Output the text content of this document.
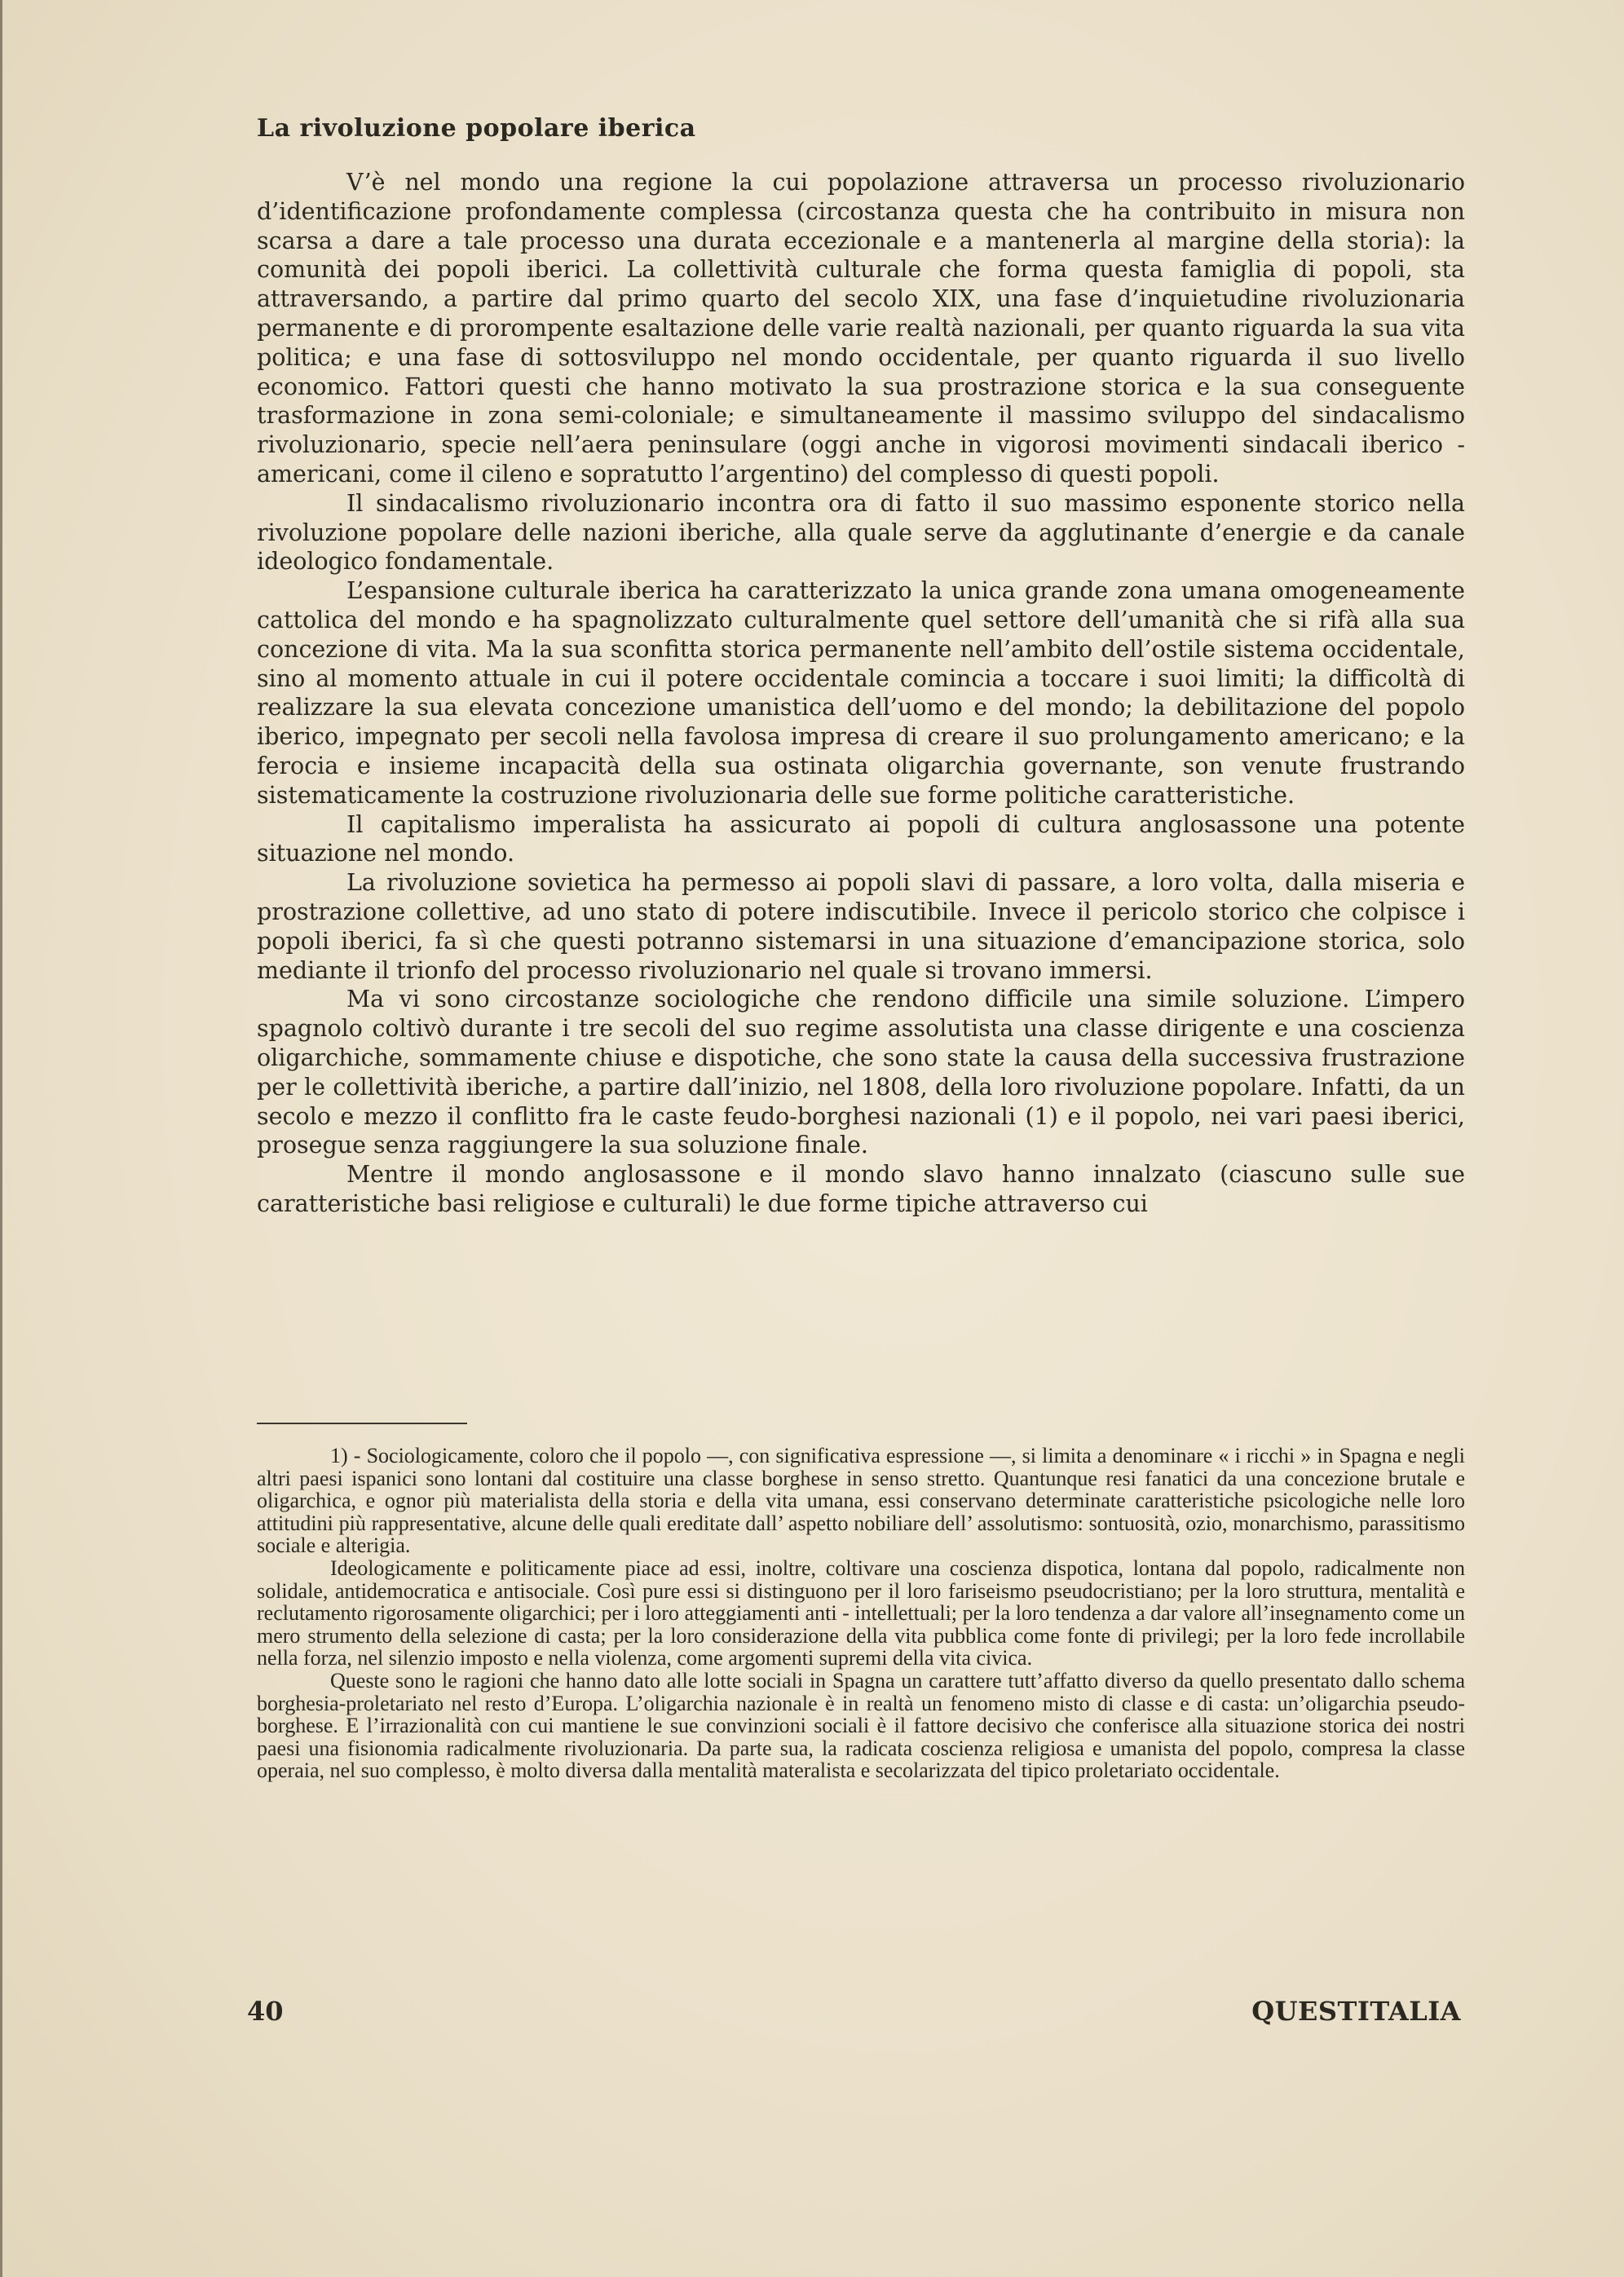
La rivoluzione popolare iberica

V’è nel mondo una regione la cui popolazione attraversa un processo rivoluzionario d’identificazione profondamente complessa (circostanza questa che ha contribuito in misura non scarsa a dare a tale processo una durata eccezionale e a mantenerla al margine della storia): la comunità dei popoli iberici. La collettività culturale che forma questa famiglia di popoli, sta attraversando, a partire dal primo quarto del secolo XIX, una fase d’inquietudine rivoluzionaria permanente e di prorompente esaltazione delle varie realtà nazionali, per quanto riguarda la sua vita politica; e una fase di sottosviluppo nel mondo occidentale, per quanto riguarda il suo livello economico. Fattori questi che hanno motivato la sua prostrazione storica e la sua conseguente trasformazione in zona semi-coloniale; e simultaneamente il massimo sviluppo del sindacalismo rivoluzionario, specie nell’aera peninsulare (oggi anche in vigorosi movimenti sindacali iberico - americani, come il cileno e sopratutto l’argentino) del complesso di questi popoli.

Il sindacalismo rivoluzionario incontra ora di fatto il suo massimo esponente storico nella rivoluzione popolare delle nazioni iberiche, alla quale serve da agglutinante d’energie e da canale ideologico fondamentale.

L’espansione culturale iberica ha caratterizzato la unica grande zona umana omogeneamente cattolica del mondo e ha spagnolizzato culturalmente quel settore dell’umanità che si rifà alla sua concezione di vita. Ma la sua sconfitta storica permanente nell’ambito dell’ostile sistema occidentale, sino al momento attuale in cui il potere occidentale comincia a toccare i suoi limiti; la difficoltà di realizzare la sua elevata concezione umanistica dell’uomo e del mondo; la debilitazione del popolo iberico, impegnato per secoli nella favolosa impresa di creare il suo prolungamento americano; e la ferocia e insieme incapacità della sua ostinata oligarchia governante, son venute frustrando sistematicamente la costruzione rivoluzionaria delle sue forme politiche caratteristiche.

Il capitalismo imperalista ha assicurato ai popoli di cultura anglosassone una potente situazione nel mondo.

La rivoluzione sovietica ha permesso ai popoli slavi di passare, a loro volta, dalla miseria e prostrazione collettive, ad uno stato di potere indiscutibile. Invece il pericolo storico che colpisce i popoli iberici, fa sì che questi potranno sistemarsi in una situazione d’emancipazione storica, solo mediante il trionfo del processo rivoluzionario nel quale si trovano immersi.

Ma vi sono circostanze sociologiche che rendono difficile una simile soluzione. L’impero spagnolo coltivò durante i tre secoli del suo regime assolutista una classe dirigente e una coscienza oligarchiche, sommamente chiuse e dispotiche, che sono state la causa della successiva frustrazione per le collettività iberiche, a partire dall’inizio, nel 1808, della loro rivoluzione popolare. Infatti, da un secolo e mezzo il conflitto fra le caste feudo-borghesi nazionali (1) e il popolo, nei vari paesi iberici, prosegue senza raggiungere la sua soluzione finale.

Mentre il mondo anglosassone e il mondo slavo hanno innalzato (ciascuno sulle sue caratteristiche basi religiose e culturali) le due forme tipiche attraverso cui

1) - Sociologicamente, coloro che il popolo —, con significativa espressione —, si limita a denominare « i ricchi » in Spagna e negli altri paesi ispanici sono lontani dal costituire una classe borghese in senso stretto. Quantunque resi fanatici da una concezione brutale e oligarchica, e ognor più materialista della storia e della vita umana, essi conservano determinate caratteristiche psicologiche nelle loro attitudini più rappresentative, alcune delle quali ereditate dall’ aspetto nobiliare dell’ assolutismo: sontuosità, ozio, monarchismo, parassitismo sociale e alterigia.

Ideologicamente e politicamente piace ad essi, inoltre, coltivare una coscienza dispotica, lontana dal popolo, radicalmente non solidale, antidemocratica e antisociale. Così pure essi si distinguono per il loro fariseismo pseudocristiano; per la loro struttura, mentalità e reclutamento rigorosamente oligarchici; per i loro atteggiamenti anti - intellettuali; per la loro tendenza a dar valore all’insegnamento come un mero strumento della selezione di casta; per la loro considerazione della vita pubblica come fonte di privilegi; per la loro fede incrollabile nella forza, nel silenzio imposto e nella violenza, come argomenti supremi della vita civica.

Queste sono le ragioni che hanno dato alle lotte sociali in Spagna un carattere tutt’affatto diverso da quello presentato dallo schema borghesia-proletariato nel resto d’Europa. L’oligarchia nazionale è in realtà un fenomeno misto di classe e di casta: un’oligarchia pseudo-borghese. E l’irrazionalità con cui mantiene le sue convinzioni sociali è il fattore decisivo che conferisce alla situazione storica dei nostri paesi una fisionomia radicalmente rivoluzionaria. Da parte sua, la radicata coscienza religiosa e umanista del popolo, compresa la classe operaia, nel suo complesso, è molto diversa dalla mentalità materalista e secolarizzata del tipico proletariato occidentale.

40	QUESTITALIA
